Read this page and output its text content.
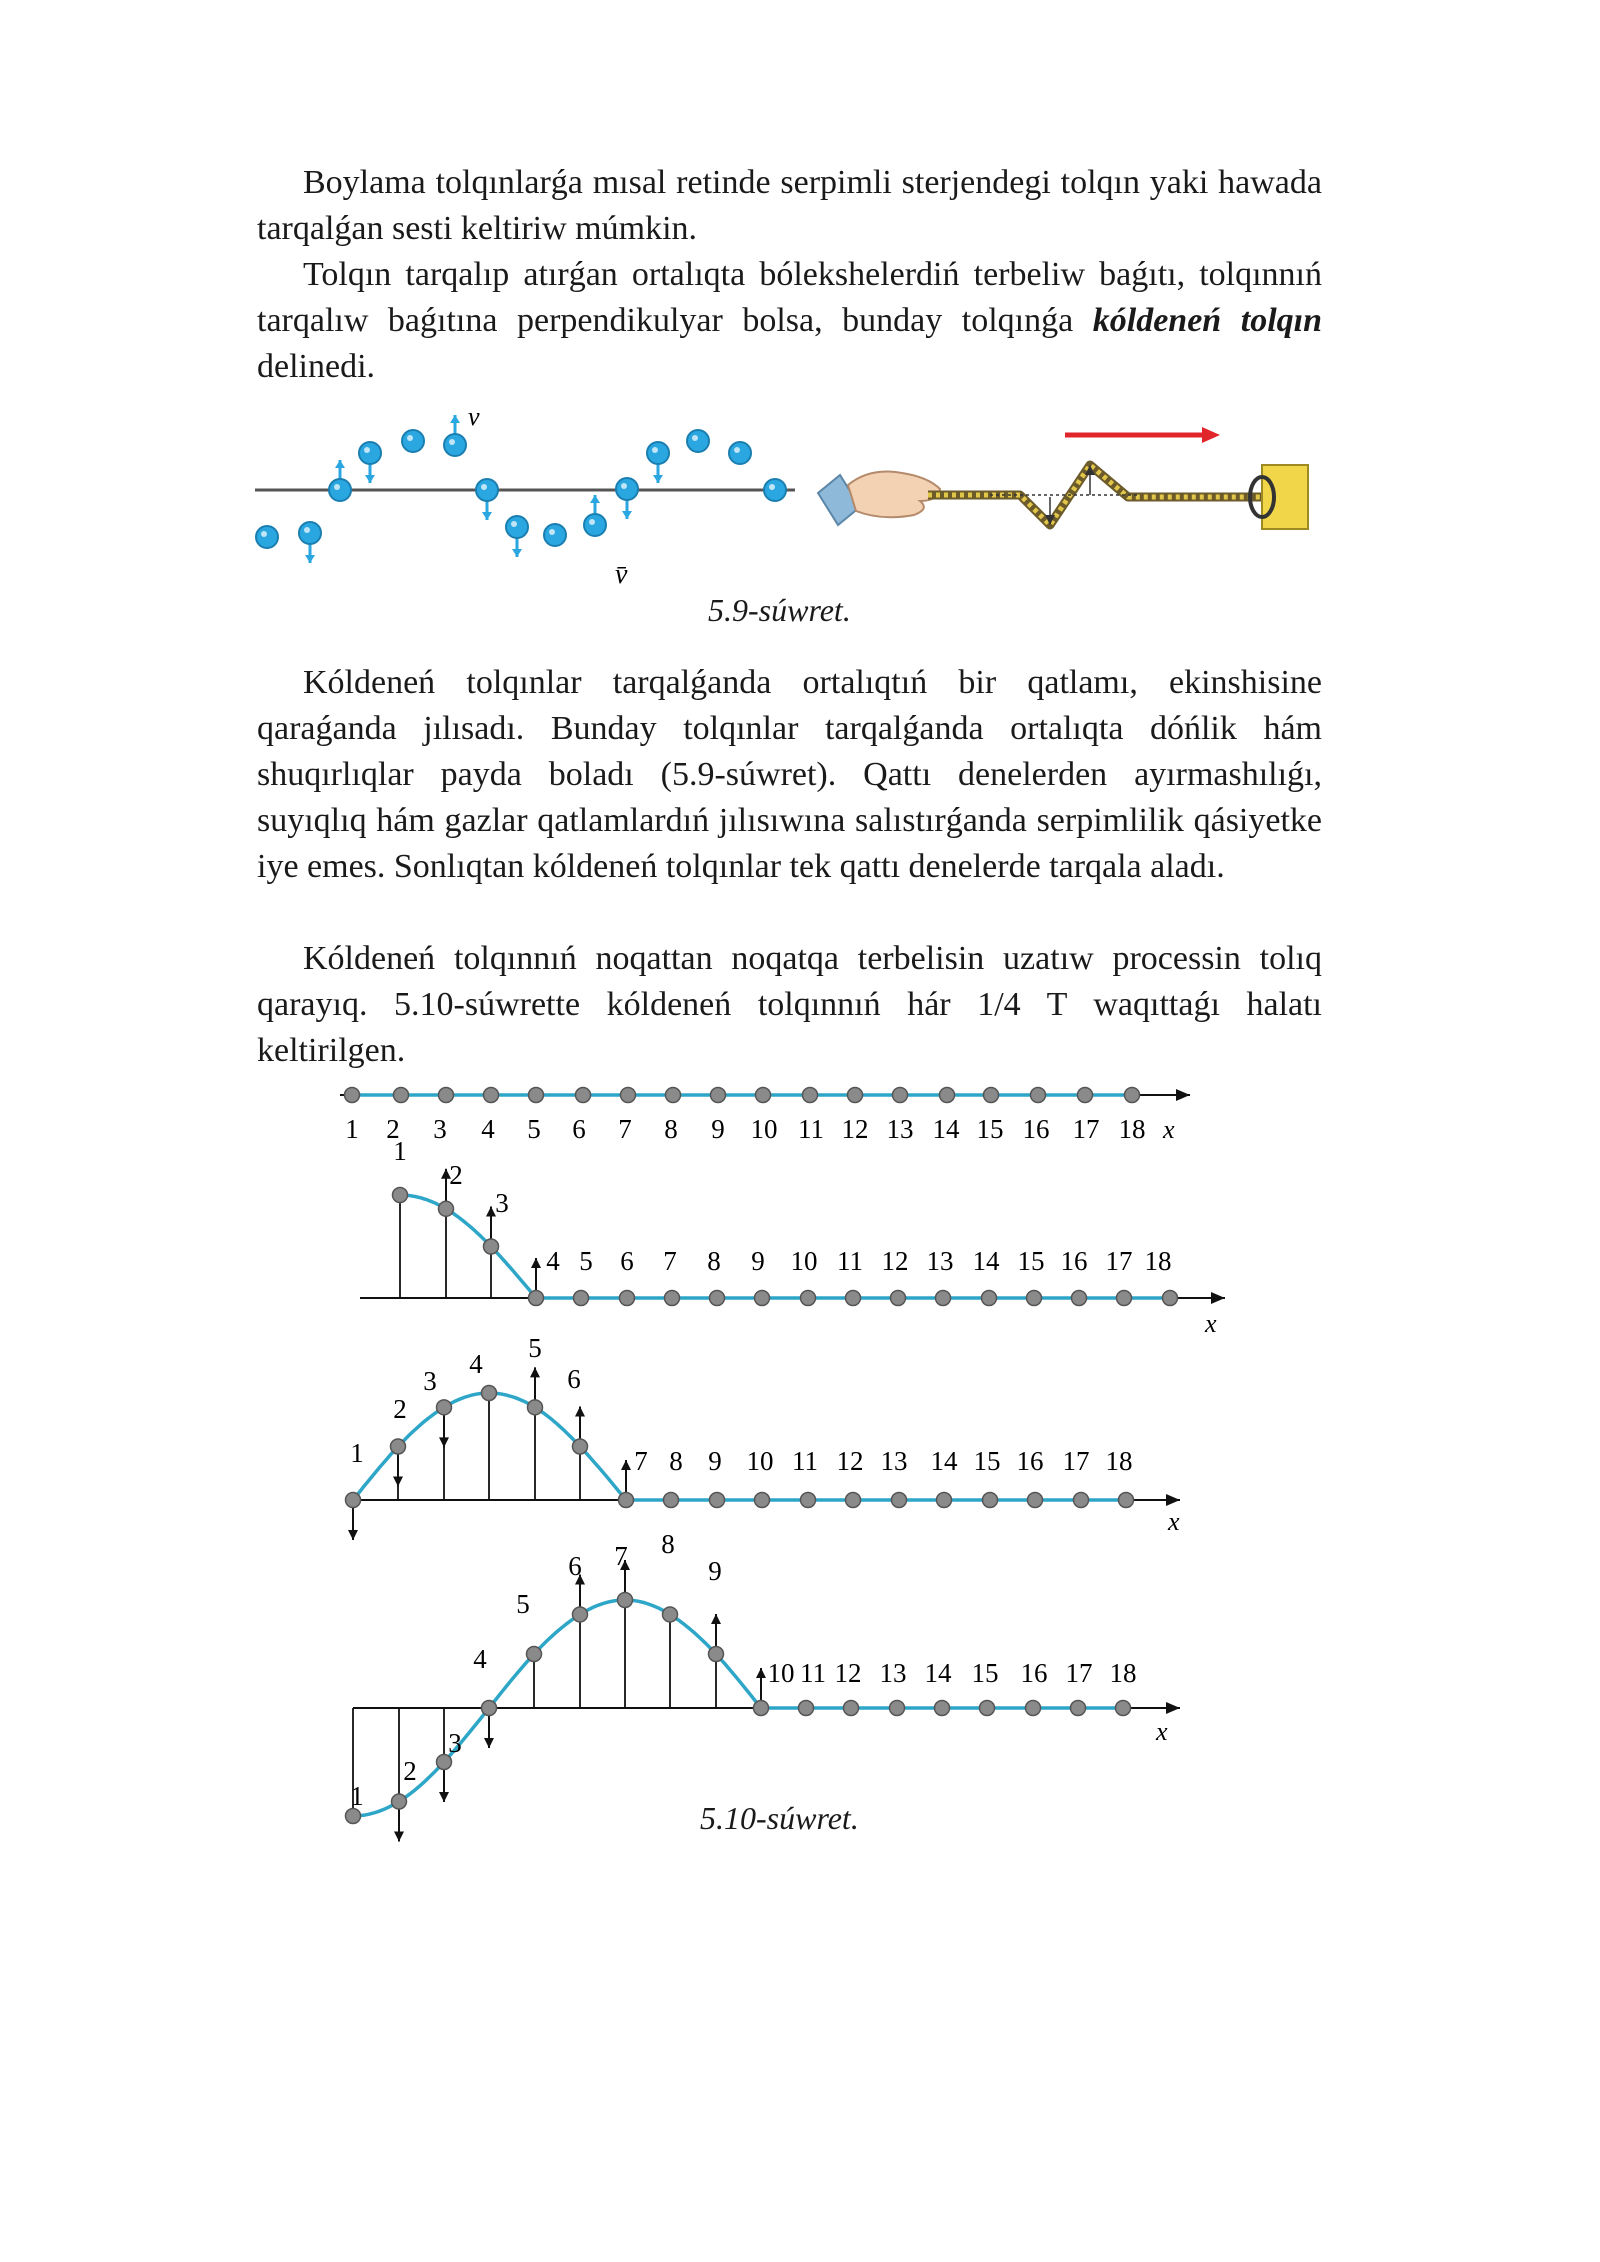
Boylama tolqınlarǵa mısal retinde serpimli sterjendegi tolqın yaki hawada tarqalǵan sesti keltiriw múmkin.

Tolqın tarqalıp atırǵan ortalıqta bólekshelerdiń terbeliw baǵıtı, tolqınnıń tarqalıw baǵıtına perpendikulyar bolsa, bunday tolqınǵa kóldeneń tolqın delinedi.

v
v̄

5.9-súwret.

Kóldeneń tolqınlar tarqalǵanda ortalıqtıń bir qatlamı, ekinshisine qaraǵanda jılısadı. Bunday tolqınlar tarqalǵanda ortalıqta dóńlik hám shuqırlıqlar payda boladı (5.9-súwret). Qattı denelerden ayırmashılıǵı, suyıqlıq hám gazlar qatlamlardıń jılısıwına salıstırǵanda serpimlilik qásiyetke iye emes. Sonlıqtan kóldeneń tolqınlar tek qattı denelerde tarqala aladı.

Kóldeneń tolqınnıń noqattan noqatqa terbelisin uzatıw processin tolıq qarayıq. 5.10-súwrette kóldeneń tolqınnıń hár 1/4 T waqıttaǵı halatı keltirilgen.

x
1 2 3 4 5 6 7 8 9 10 11 12 13 14 15 16 17 18
x
1
2
3
4 5 6 7 8 9 10 11 12 13 14 15 16 17 18
x
1
2
3
4
5
6
7 8 9 10 11 12 13 14 15 16 17 18
x
1
2
3
4
5
6 7 8
9
10 11 12 13 14 15 16 17 18

5.10-súwret.
